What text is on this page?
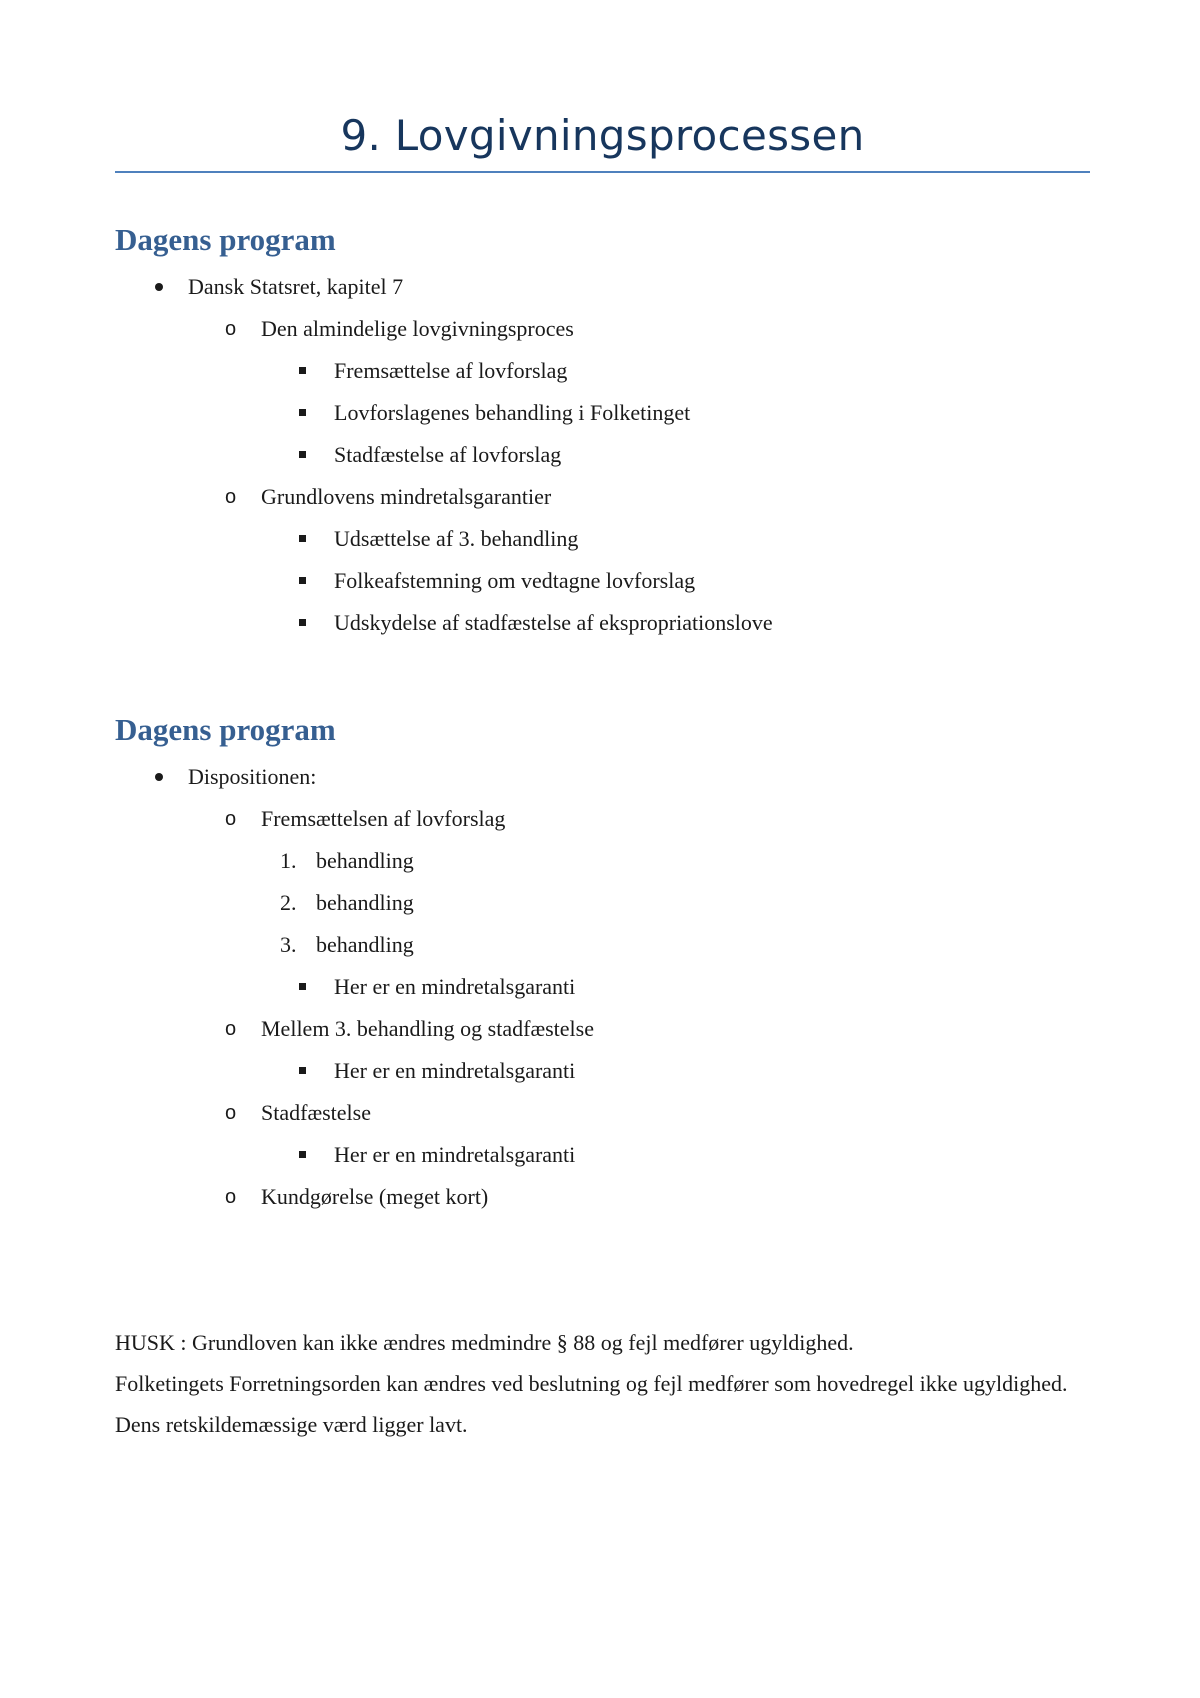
9. Lovgivningsprocessen
Dagens program
Dansk Statsret, kapitel 7
o Den almindelige lovgivningsproces
Fremsættelse af lovforslag
Lovforslagenes behandling i Folketinget
Stadfæstelse af lovforslag
o Grundlovens mindretalsgarantier
Udsættelse af 3. behandling
Folkeafstemning om vedtagne lovforslag
Udskydelse af stadfæstelse af ekspropriationslove
Dagens program
Dispositionen:
o Fremsættelsen af lovforslag
1. behandling
2. behandling
3. behandling
Her er en mindretalsgaranti
o Mellem 3. behandling og stadfæstelse
Her er en mindretalsgaranti
o Stadfæstelse
Her er en mindretalsgaranti
o Kundgørelse (meget kort)

HUSK : Grundloven kan ikke ændres medmindre § 88 og fejl medfører ugyldighed.

Folketingets Forretningsorden kan ændres ved beslutning og fejl medfører som hovedregel ikke ugyldighed. Dens retskildemæssige værd ligger lavt.
